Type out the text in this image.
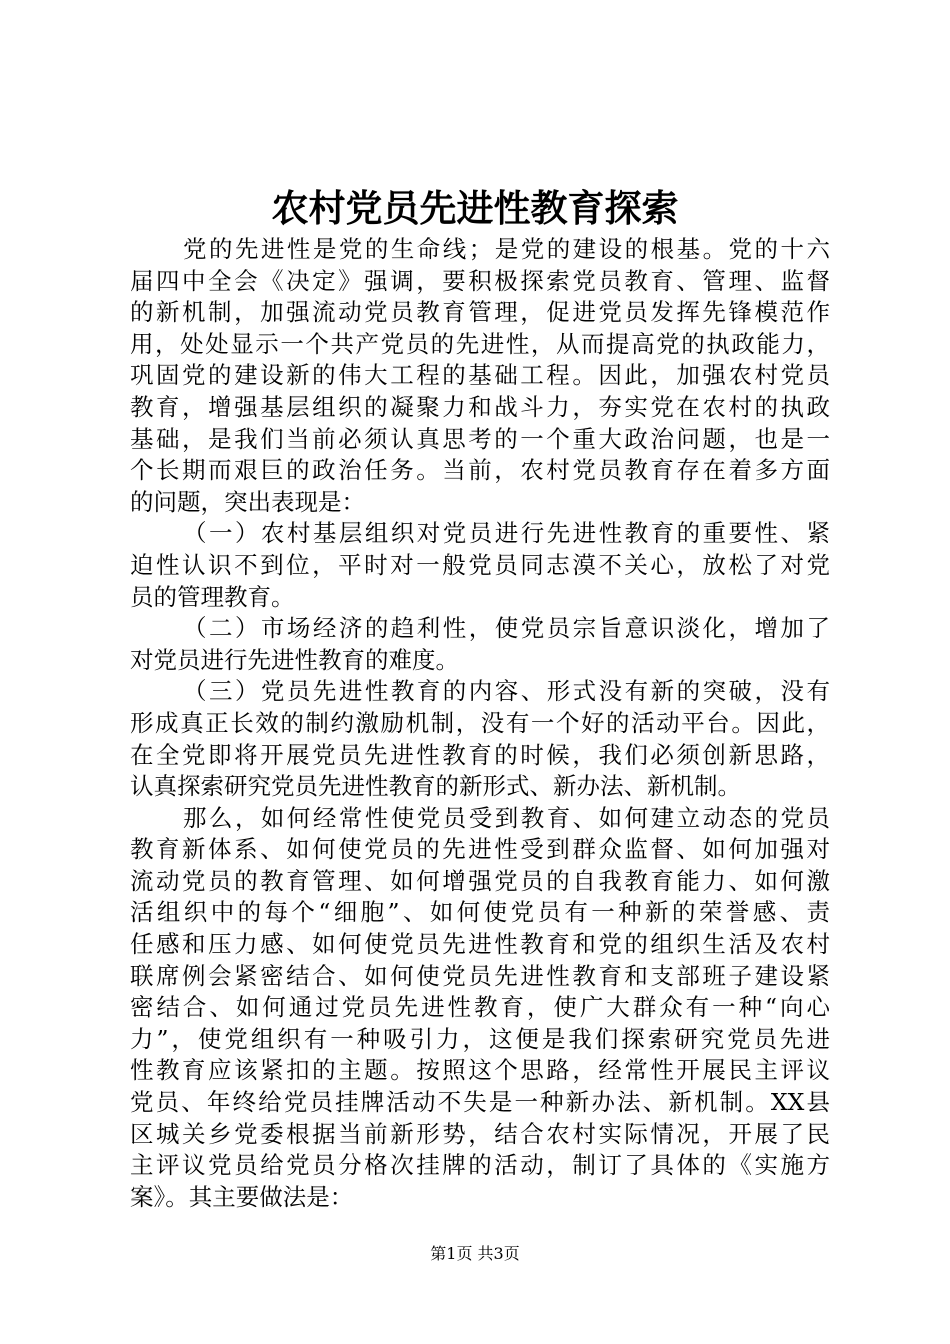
农村党员先进性教育探索
党的先进性是党的生命线；是党的建设的根基。党的十六
届四中全会《决定》强调，要积极探索党员教育、管理、监督
的新机制，加强流动党员教育管理，促进党员发挥先锋模范作
用，处处显示一个共产党员的先进性，从而提高党的执政能力，
巩固党的建设新的伟大工程的基础工程。因此，加强农村党员
教育，增强基层组织的凝聚力和战斗力，夯实党在农村的执政
基础，是我们当前必须认真思考的一个重大政治问题，也是一
个长期而艰巨的政治任务。当前，农村党员教育存在着多方面
的问题，突出表现是：
（一）农村基层组织对党员进行先进性教育的重要性、紧
迫性认识不到位，平时对一般党员同志漠不关心，放松了对党
员的管理教育。
（二）市场经济的趋利性，使党员宗旨意识淡化，增加了
对党员进行先进性教育的难度。
（三）党员先进性教育的内容、形式没有新的突破，没有
形成真正长效的制约激励机制，没有一个好的活动平台。因此，
在全党即将开展党员先进性教育的时候，我们必须创新思路，
认真探索研究党员先进性教育的新形式、新办法、新机制。
那么，如何经常性使党员受到教育、如何建立动态的党员
教育新体系、如何使党员的先进性受到群众监督、如何加强对
流动党员的教育管理、如何增强党员的自我教育能力、如何激
活组织中的每个“细胞”、如何使党员有一种新的荣誉感、责
任感和压力感、如何使党员先进性教育和党的组织生活及农村
联席例会紧密结合、如何使党员先进性教育和支部班子建设紧
密结合、如何通过党员先进性教育，使广大群众有一种“向心
力”，使党组织有一种吸引力，这便是我们探索研究党员先进
性教育应该紧扣的主题。按照这个思路，经常性开展民主评议
党员、年终给党员挂牌活动不失是一种新办法、新机制。XX县
区城关乡党委根据当前新形势，结合农村实际情况，开展了民
主评议党员给党员分格次挂牌的活动，制订了具体的《实施方
案》。其主要做法是：
第1页 共3页
